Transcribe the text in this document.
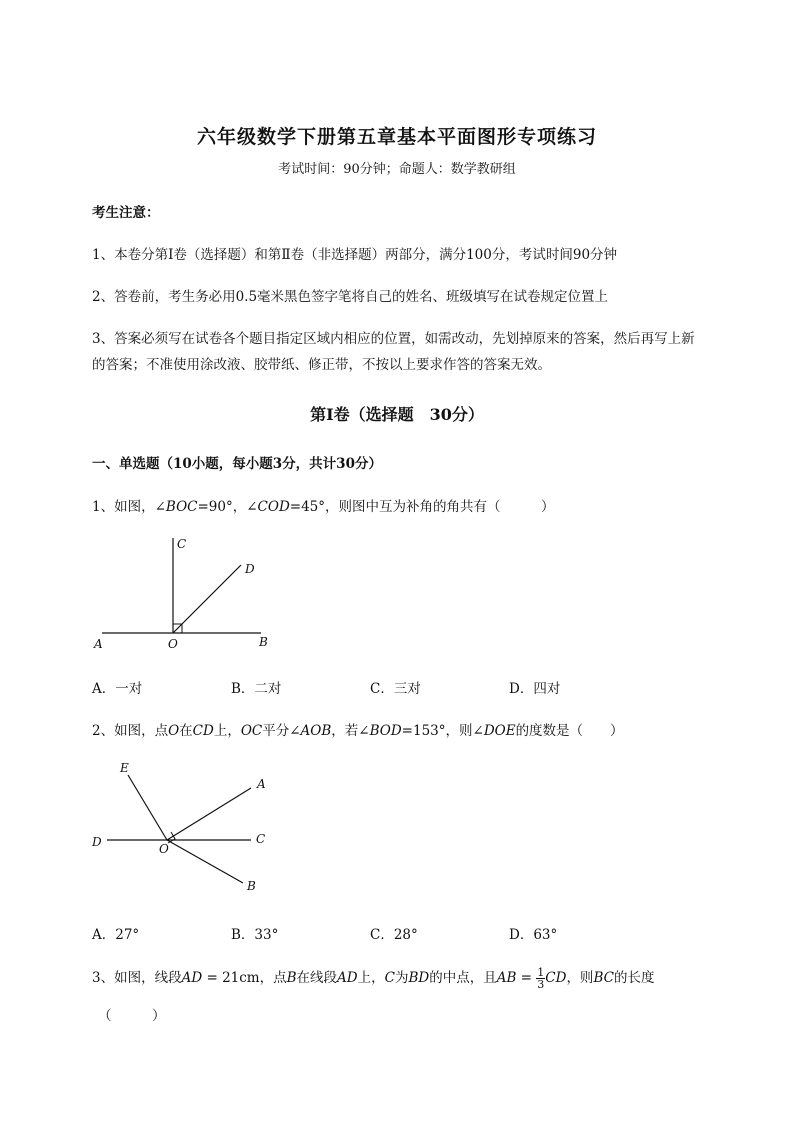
六年级数学下册第五章基本平面图形专项练习
考试时间：90分钟；命题人：数学教研组
考生注意：
1、本卷分第I卷（选择题）和第Ⅱ卷（非选择题）两部分，满分100分，考试时间90分钟
2、答卷前，考生务必用0.5毫米黑色签字笔将自己的姓名、班级填写在试卷规定位置上
3、答案必须写在试卷各个题目指定区域内相应的位置，如需改动，先划掉原来的答案，然后再写上新
的答案；不准使用涂改液、胶带纸、修正带，不按以上要求作答的答案无效。
第I卷（选择题　30分）
一、单选题（10小题，每小题3分，共计30分）
1、如图，∠BOC=90°，∠COD=45°，则图中互为补角的角共有（　　　）
A	O	B
C
D
A．一对	B．二对	C．三对	D．四对
2、如图，点O在CD上，OC平分∠AOB，若∠BOD=153°，则∠DOE的度数是（　　）
E
A
D	O
C
B
A．27°	B．33°	C．28°	D．63°
3、如图，线段AD = 21cm，点B在线段AD上，C为BD的中点，且AB = $\frac{1}{3}$ CD，则BC的长度
（　　　）
